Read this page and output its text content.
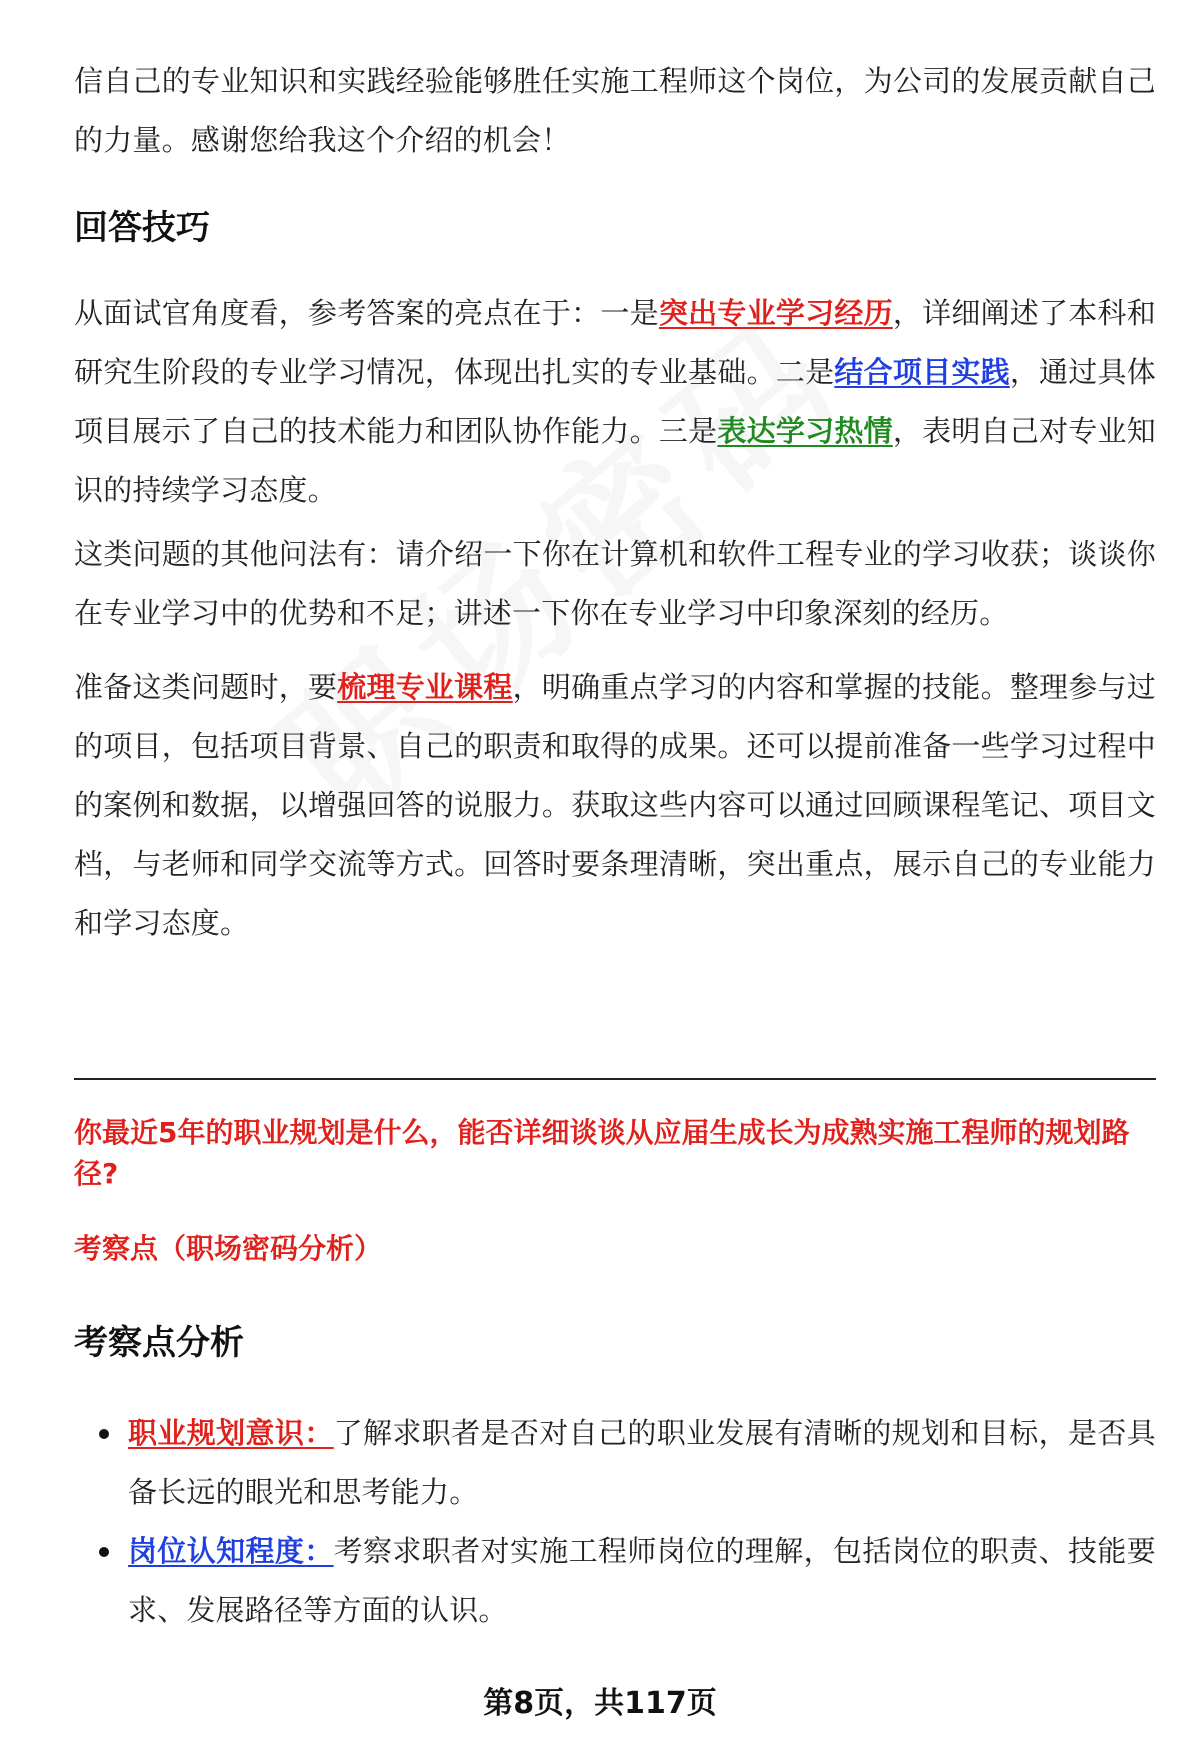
信自己的专业知识和实践经验能够胜任实施工程师这个岗位，为公司的发展贡献自己的力量。感谢您给我这个介绍的机会！

回答技巧

从面试官角度看，参考答案的亮点在于：一是突出专业学习经历，详细阐述了本科和研究生阶段的专业学习情况，体现出扎实的专业基础。二是结合项目实践，通过具体项目展示了自己的技术能力和团队协作能力。三是表达学习热情，表明自己对专业知识的持续学习态度。

这类问题的其他问法有：请介绍一下你在计算机和软件工程专业的学习收获；谈谈你在专业学习中的优势和不足；讲述一下你在专业学习中印象深刻的经历。

准备这类问题时，要梳理专业课程，明确重点学习的内容和掌握的技能。整理参与过的项目，包括项目背景、自己的职责和取得的成果。还可以提前准备一些学习过程中的案例和数据，以增强回答的说服力。获取这些内容可以通过回顾课程笔记、项目文档，与老师和同学交流等方式。回答时要条理清晰，突出重点，展示自己的专业能力和学习态度。

你最近5年的职业规划是什么，能否详细谈谈从应届生成长为成熟实施工程师的规划路径?

考察点（职场密码分析）

考察点分析

职业规划意识：了解求职者是否对自己的职业发展有清晰的规划和目标，是否具备长远的眼光和思考能力。

岗位认知程度：考察求职者对实施工程师岗位的理解，包括岗位的职责、技能要求、发展路径等方面的认识。

第8页，共117页
